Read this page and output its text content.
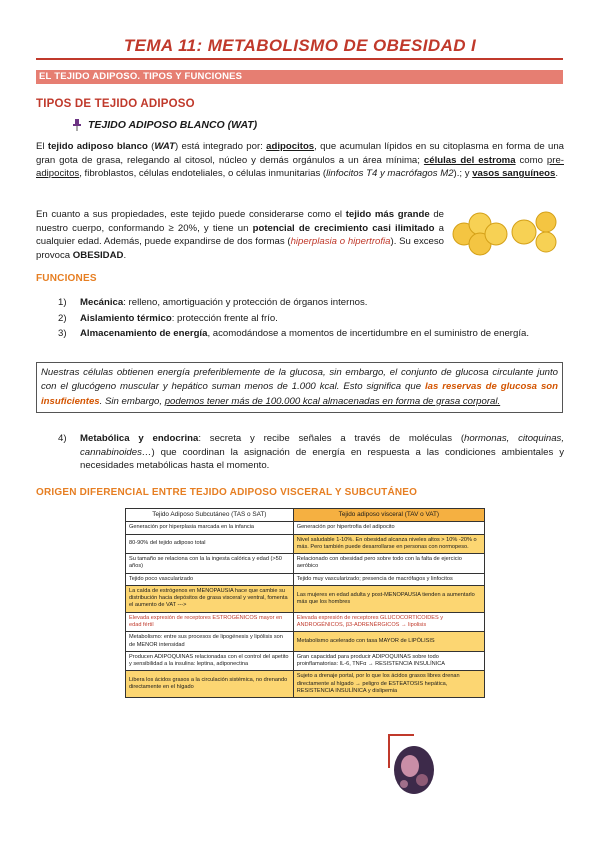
TEMA 11: METABOLISMO DE OBESIDAD I
EL TEJIDO ADIPOSO. TIPOS Y FUNCIONES
TIPOS DE TEJIDO ADIPOSO
TEJIDO ADIPOSO BLANCO (WAT)
El tejido adiposo blanco (WAT) está integrado por: adipocitos, que acumulan lípidos en su citoplasma en forma de una gran gota de grasa, relegando al citosol, núcleo y demás orgánulos a un área mínima; células del estroma como pre-adipocitos, fibroblastos, células endoteliales, o células inmunitarias (linfocitos T4 y macrófagos M2).; y vasos sanguíneos.
En cuanto a sus propiedades, este tejido puede considerarse como el tejido más grande de nuestro cuerpo, conformando ≥ 20%, y tiene un potencial de crecimiento casi ilimitado a cualquier edad. Además, puede expandirse de dos formas (hiperplasia o hipertrofia). Su exceso provoca OBESIDAD.
FUNCIONES
1)	Mecánica: relleno, amortiguación y protección de órganos internos.
2)	Aislamiento térmico: protección frente al frío.
3)	Almacenamiento de energía, acomodándose a momentos de incertidumbre en el suministro de energía.
Nuestras células obtienen energía preferiblemente de la glucosa, sin embargo, el conjunto de glucosa circulante junto con el glucógeno muscular y hepático suman menos de 1.000 kcal. Esto significa que las reservas de glucosa son insuficientes. Sin embargo, podemos tener más de 100.000 kcal almacenadas en forma de grasa corporal.
4)	Metabólica y endocrina: secreta y recibe señales a través de moléculas (hormonas, citoquinas, cannabinoides…) que coordinan la asignación de energía en respuesta a las condiciones ambientales y necesidades metabólicas hasta el momento.
ORIGEN DIFERENCIAL ENTRE TEJIDO ADIPOSO VISCERAL Y SUBCUTÁNEO
Tejido Adiposo Subcutáneo (TAS o SAT)	Tejido adiposo visceral (TAV o VAT)
Generación por hiperplasia marcada en la infancia	Generación por hipertrofia del adipocito
80-90% del tejido adiposo total	Nivel saludable 1-10%. En obesidad alcanza niveles altos > 10% -20% o más. Pero también puede desarrollarse en personas con normopeso.
Su tamaño se relaciona con la la ingesta calórica y edad (>50 años)	Relacionado con obesidad pero sobre todo con la falta de ejercicio aeróbico
Tejido poco vascularizado	Tejido muy vascularizado; presencia de macrófagos y linfocitos
La caída de estrógenos en MENOPAUSIA hace que cambie su distribución hacia depósitos de grasa visceral y ventral, fomenta el aumento de VAT --->	Las mujeres en edad adulta y post-MENOPAUSIA tienden a aumentarlo más que los hombres
Elevada expresión de receptores ESTROGÉNICOS mayor en edad fértil	Elevada expresión de receptores GLUCOCORTICOIDES y ANDROGÉNICOS, β3-ADRENÉRGICOS → lipolisis
Metabolismo: entre sus procesos de lipogénesis y lipólisis son de MENOR intensidad	Metabolismo acelerado con tasa MAYOR de LIPÓLISIS
Producen ADIPOQUINAS relacionadas con el control del apetito y sensibilidad a la insulina: leptina, adiponectina	Gran capacidad para producir ADIPOQUINAS sobre todo proinflamatorias: IL-6, TNFα → RESISTENCIA INSULÍNICA
Libera los ácidos grasos a la circulación sistémica, no drenando directamente en el hígado	Sujeto a drenaje portal, por lo que los ácidos grasos libres drenan directamente al hígado → peligro de ESTEATOSIS hepática, RESISTENCIA INSULÍNICA y dislipemia
